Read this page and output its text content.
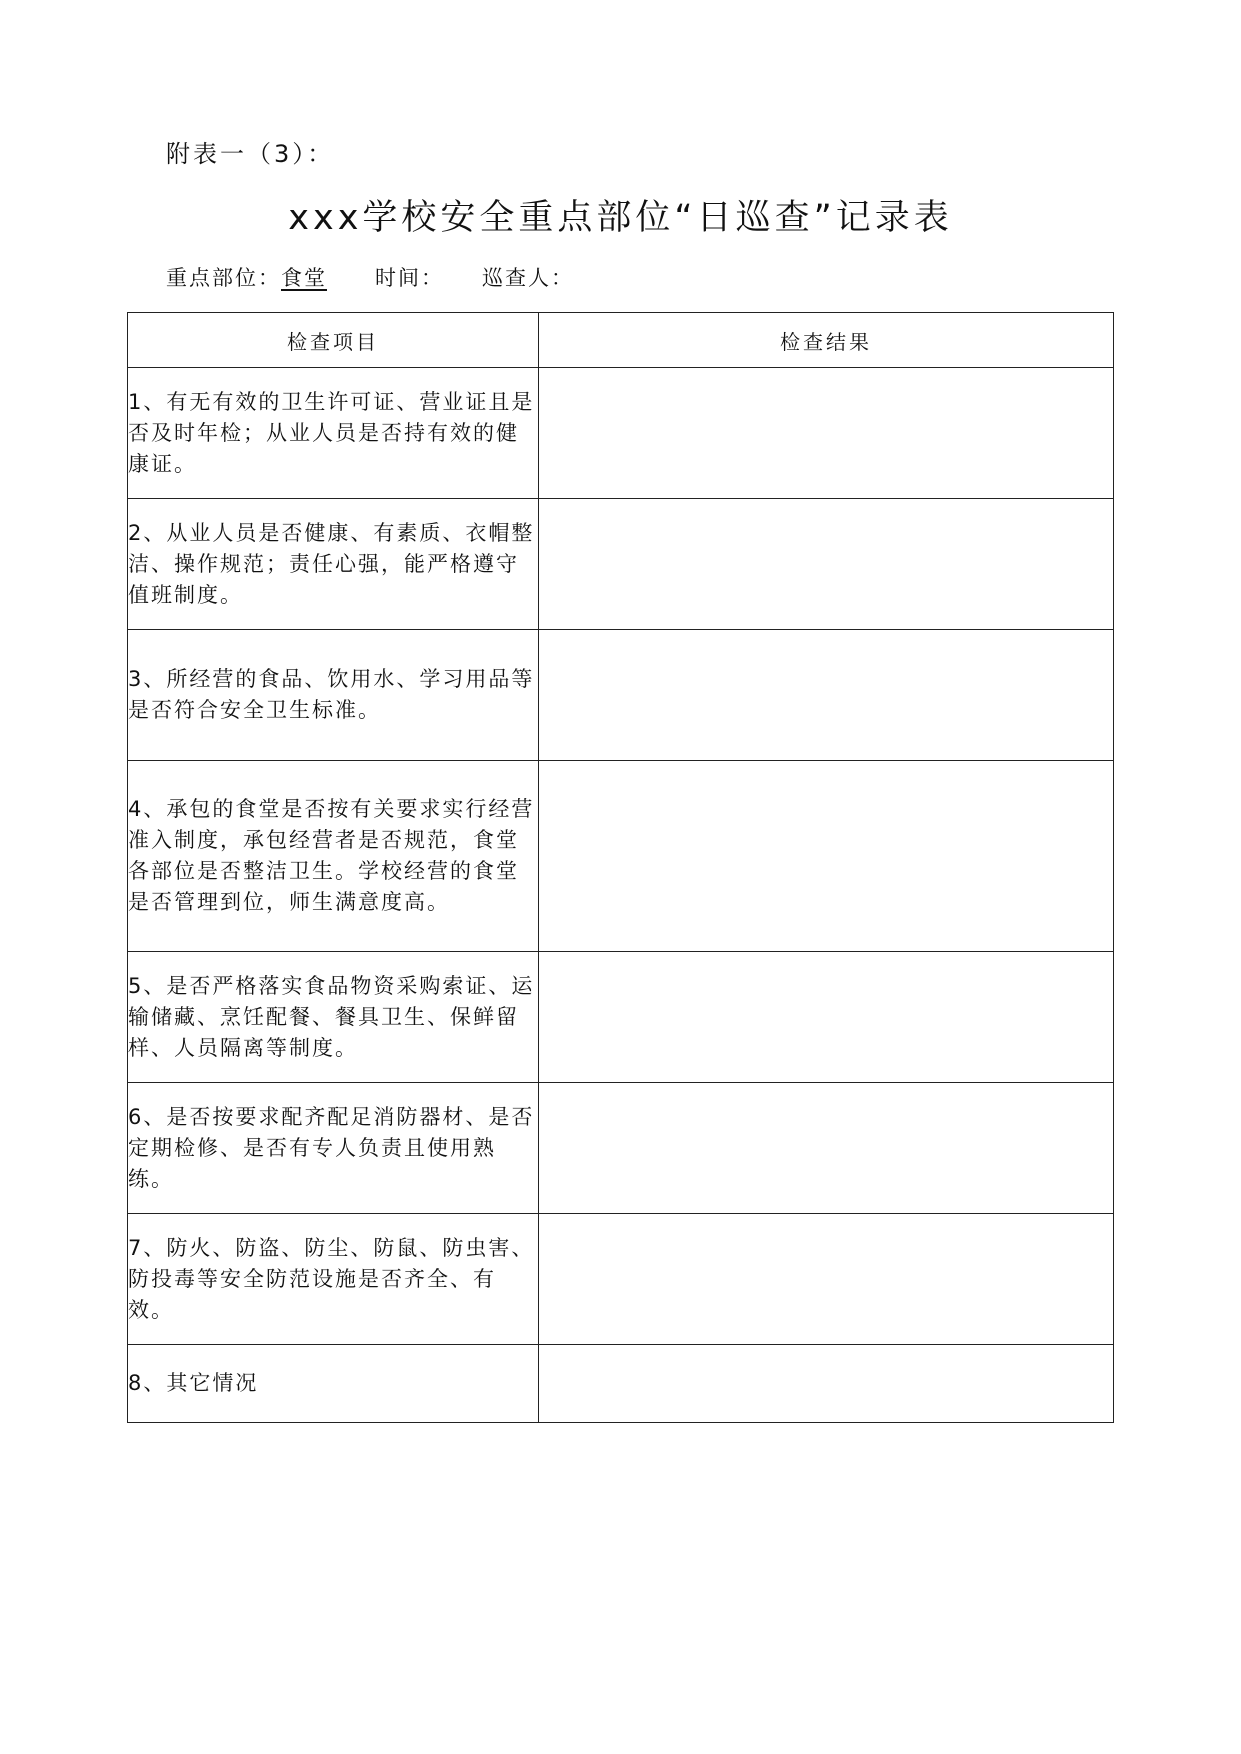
附表一（3）：
xxx学校安全重点部位“日巡查”记录表
重点部位：食堂 时间： 巡查人：
检查项目	检查结果
1、有无有效的卫生许可证、营业证且是否及时年检；从业人员是否持有效的健康证。	
2、从业人员是否健康、有素质、衣帽整洁、操作规范；责任心强，能严格遵守值班制度。	
3、所经营的食品、饮用水、学习用品等是否符合安全卫生标准。	
4、承包的食堂是否按有关要求实行经营准入制度，承包经营者是否规范，食堂各部位是否整洁卫生。学校经营的食堂是否管理到位，师生满意度高。	
5、是否严格落实食品物资采购索证、运输储藏、烹饪配餐、餐具卫生、保鲜留样、人员隔离等制度。	
6、是否按要求配齐配足消防器材、是否定期检修、是否有专人负责且使用熟练。	
7、防火、防盗、防尘、防鼠、防虫害、防投毒等安全防范设施是否齐全、有效。	
8、其它情况	
